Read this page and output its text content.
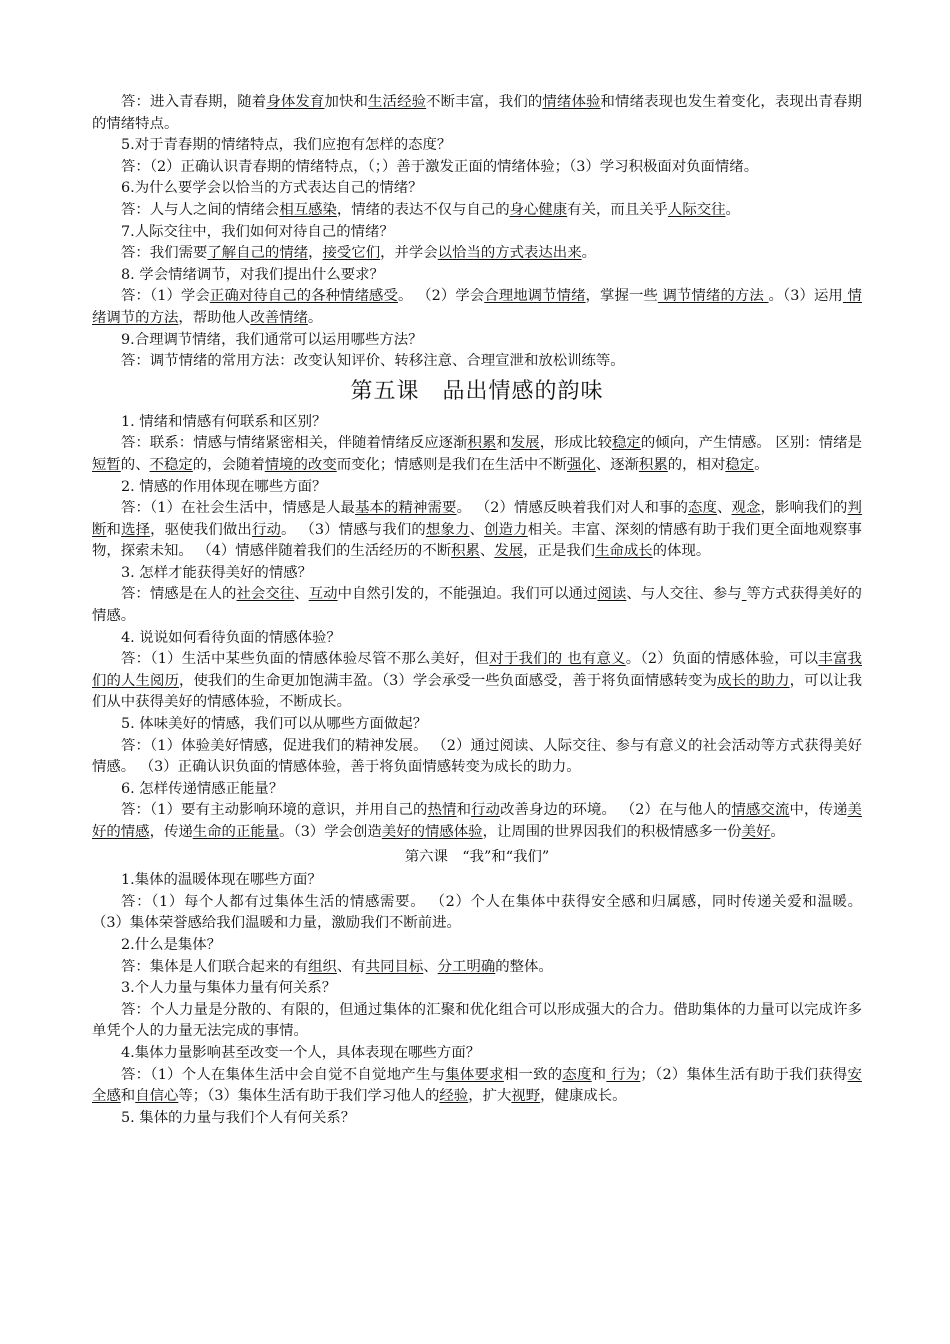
答：进入青春期，随着身体发育加快和生活经验不断丰富，我们的情绪体验和情绪表现也发生着变化，表现出青春期的情绪特点。

5.对于青春期的情绪特点，我们应抱有怎样的态度？

答：（2）正确认识青春期的情绪特点，（；）善于激发正面的情绪体验；（3）学习积极面对负面情绪。

6.为什么要学会以恰当的方式表达自己的情绪？

答：人与人之间的情绪会相互感染，情绪的表达不仅与自己的身心健康有关，而且关乎人际交往。

7.人际交往中，我们如何对待自己的情绪？

答：我们需要了解自己的情绪，接受它们，并学会以恰当的方式表达出来。

8. 学会情绪调节，对我们提出什么要求？

答：（1）学会正确对待自己的各种情绪感受。 （2）学会合理地调节情绪，掌握一些 调节情绪的方法 。（3）运用 情绪调节的方法，帮助他人改善情绪。

9.合理调节情绪，我们通常可以运用哪些方法？

答：调节情绪的常用方法：改变认知评价、转移注意、合理宣泄和放松训练等。

第五课　品出情感的韵味

1. 情绪和情感有何联系和区别？

答：联系：情感与情绪紧密相关，伴随着情绪反应逐渐积累和发展，形成比较稳定的倾向，产生情感。 区别：情绪是短暂的、不稳定的，会随着情境的改变而变化；情感则是我们在生活中不断强化、逐渐积累的，相对稳定。

2. 情感的作用体现在哪些方面？

答：（1）在社会生活中，情感是人最基本的精神需要。 （2）情感反映着我们对人和事的态度、观念，影响我们的判断和选择，驱使我们做出行动。 （3）情感与我们的想象力、创造力相关。丰富、深刻的情感有助于我们更全面地观察事物，探索未知。 （4）情感伴随着我们的生活经历的不断积累、发展，正是我们生命成长的体现。

3. 怎样才能获得美好的情感？

答：情感是在人的社会交往、互动中自然引发的，不能强迫。我们可以通过阅读、与人交往、参与 等方式获得美好的情感。

4. 说说如何看待负面的情感体验？

答：（1）生活中某些负面的情感体验尽管不那么美好，但对于我们的 也有意义。（2）负面的情感体验，可以丰富我们的人生阅历，使我们的生命更加饱满丰盈。（3）学会承受一些负面感受，善于将负面情感转变为成长的助力，可以让我们从中获得美好的情感体验，不断成长。

5. 体味美好的情感，我们可以从哪些方面做起？

答：（1）体验美好情感，促进我们的精神发展。 （2）通过阅读、人际交往、参与有意义的社会活动等方式获得美好情感。 （3）正确认识负面的情感体验，善于将负面情感转变为成长的助力。

6. 怎样传递情感正能量？

答：（1）要有主动影响环境的意识，并用自己的热情和行动改善身边的环境。 （2）在与他人的情感交流中，传递美好的情感，传递生命的正能量。（3）学会创造美好的情感体验，让周围的世界因我们的积极情感多一份美好。

第六课　“我”和“我们”

1.集体的温暖体现在哪些方面？

答：（1）每个人都有过集体生活的情感需要。 （2）个人在集体中获得安全感和归属感，同时传递关爱和温暖。 （3）集体荣誉感给我们温暖和力量，激励我们不断前进。

2.什么是集体？

答：集体是人们联合起来的有组织、有共同目标、分工明确的整体。

3.个人力量与集体力量有何关系？

答：个人力量是分散的、有限的，但通过集体的汇聚和优化组合可以形成强大的合力。借助集体的力量可以完成许多单凭个人的力量无法完成的事情。

4.集体力量影响甚至改变一个人，具体表现在哪些方面？

答：（1）个人在集体生活中会自觉不自觉地产生与集体要求相一致的态度和 行为；（2）集体生活有助于我们获得安全感和自信心等；（3）集体生活有助于我们学习他人的经验，扩大视野，健康成长。

5. 集体的力量与我们个人有何关系？
